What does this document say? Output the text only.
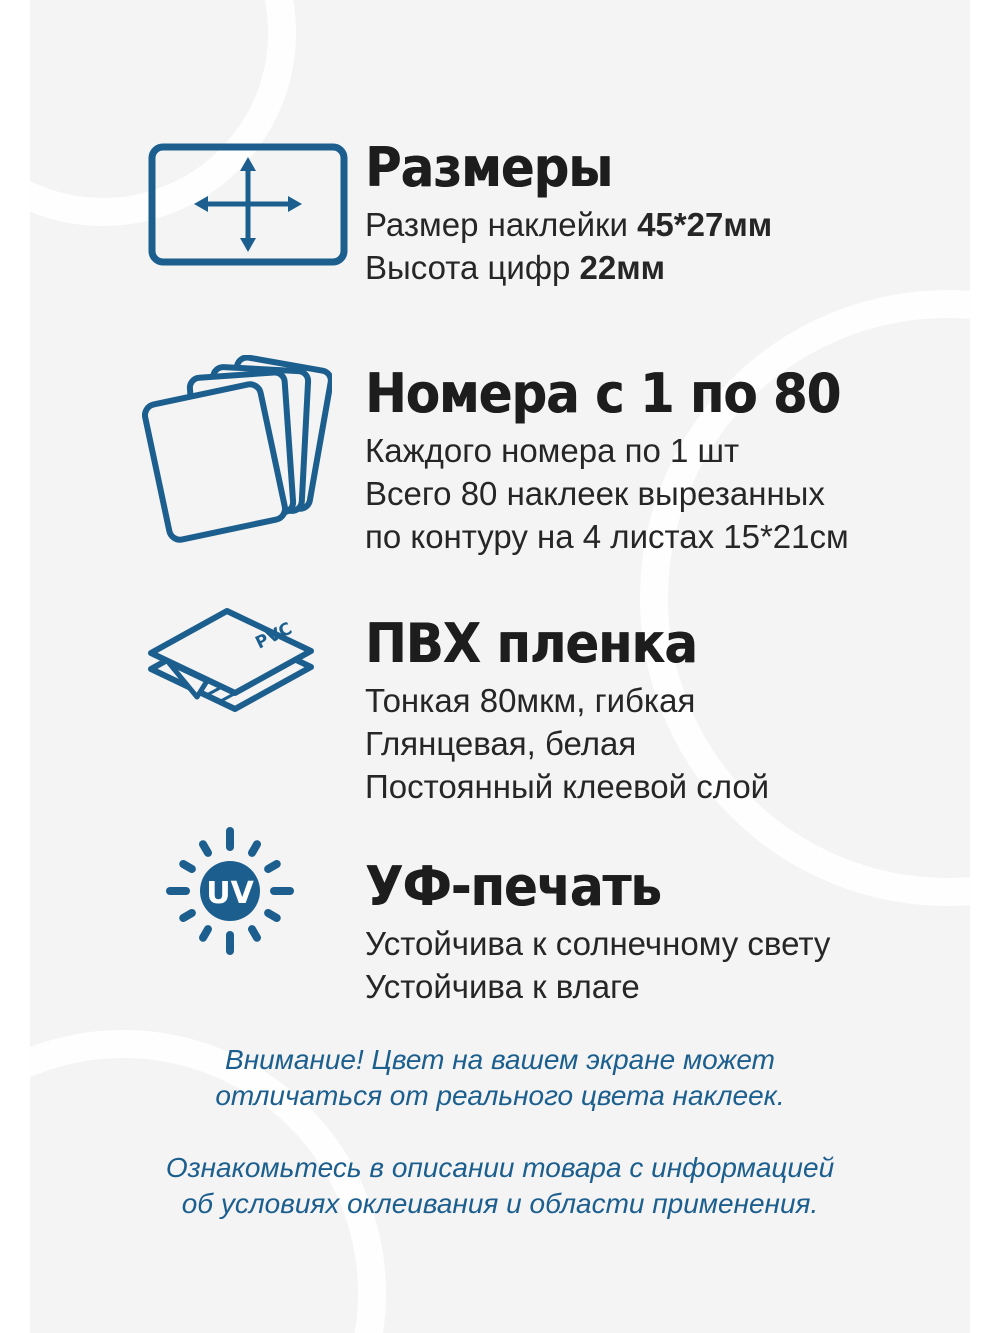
Размеры
Размер наклейки 45*27мм
Высота цифр 22мм
Номера с 1 по 80
Каждого номера по 1 шт
Всего 80 наклеек вырезанных
по контуру на 4 листах 15*21см
PVC ПВХ пленка
Тонкая 80мкм, гибкая
Глянцевая, белая
Постоянный клеевой слой
UV УФ-печать
Устойчива к солнечному свету
Устойчива к влаге
Внимание! Цвет на вашем экране может
отличаться от реального цвета наклеек.
Ознакомьтесь в описании товара с информацией
об условиях оклеивания и области применения.
